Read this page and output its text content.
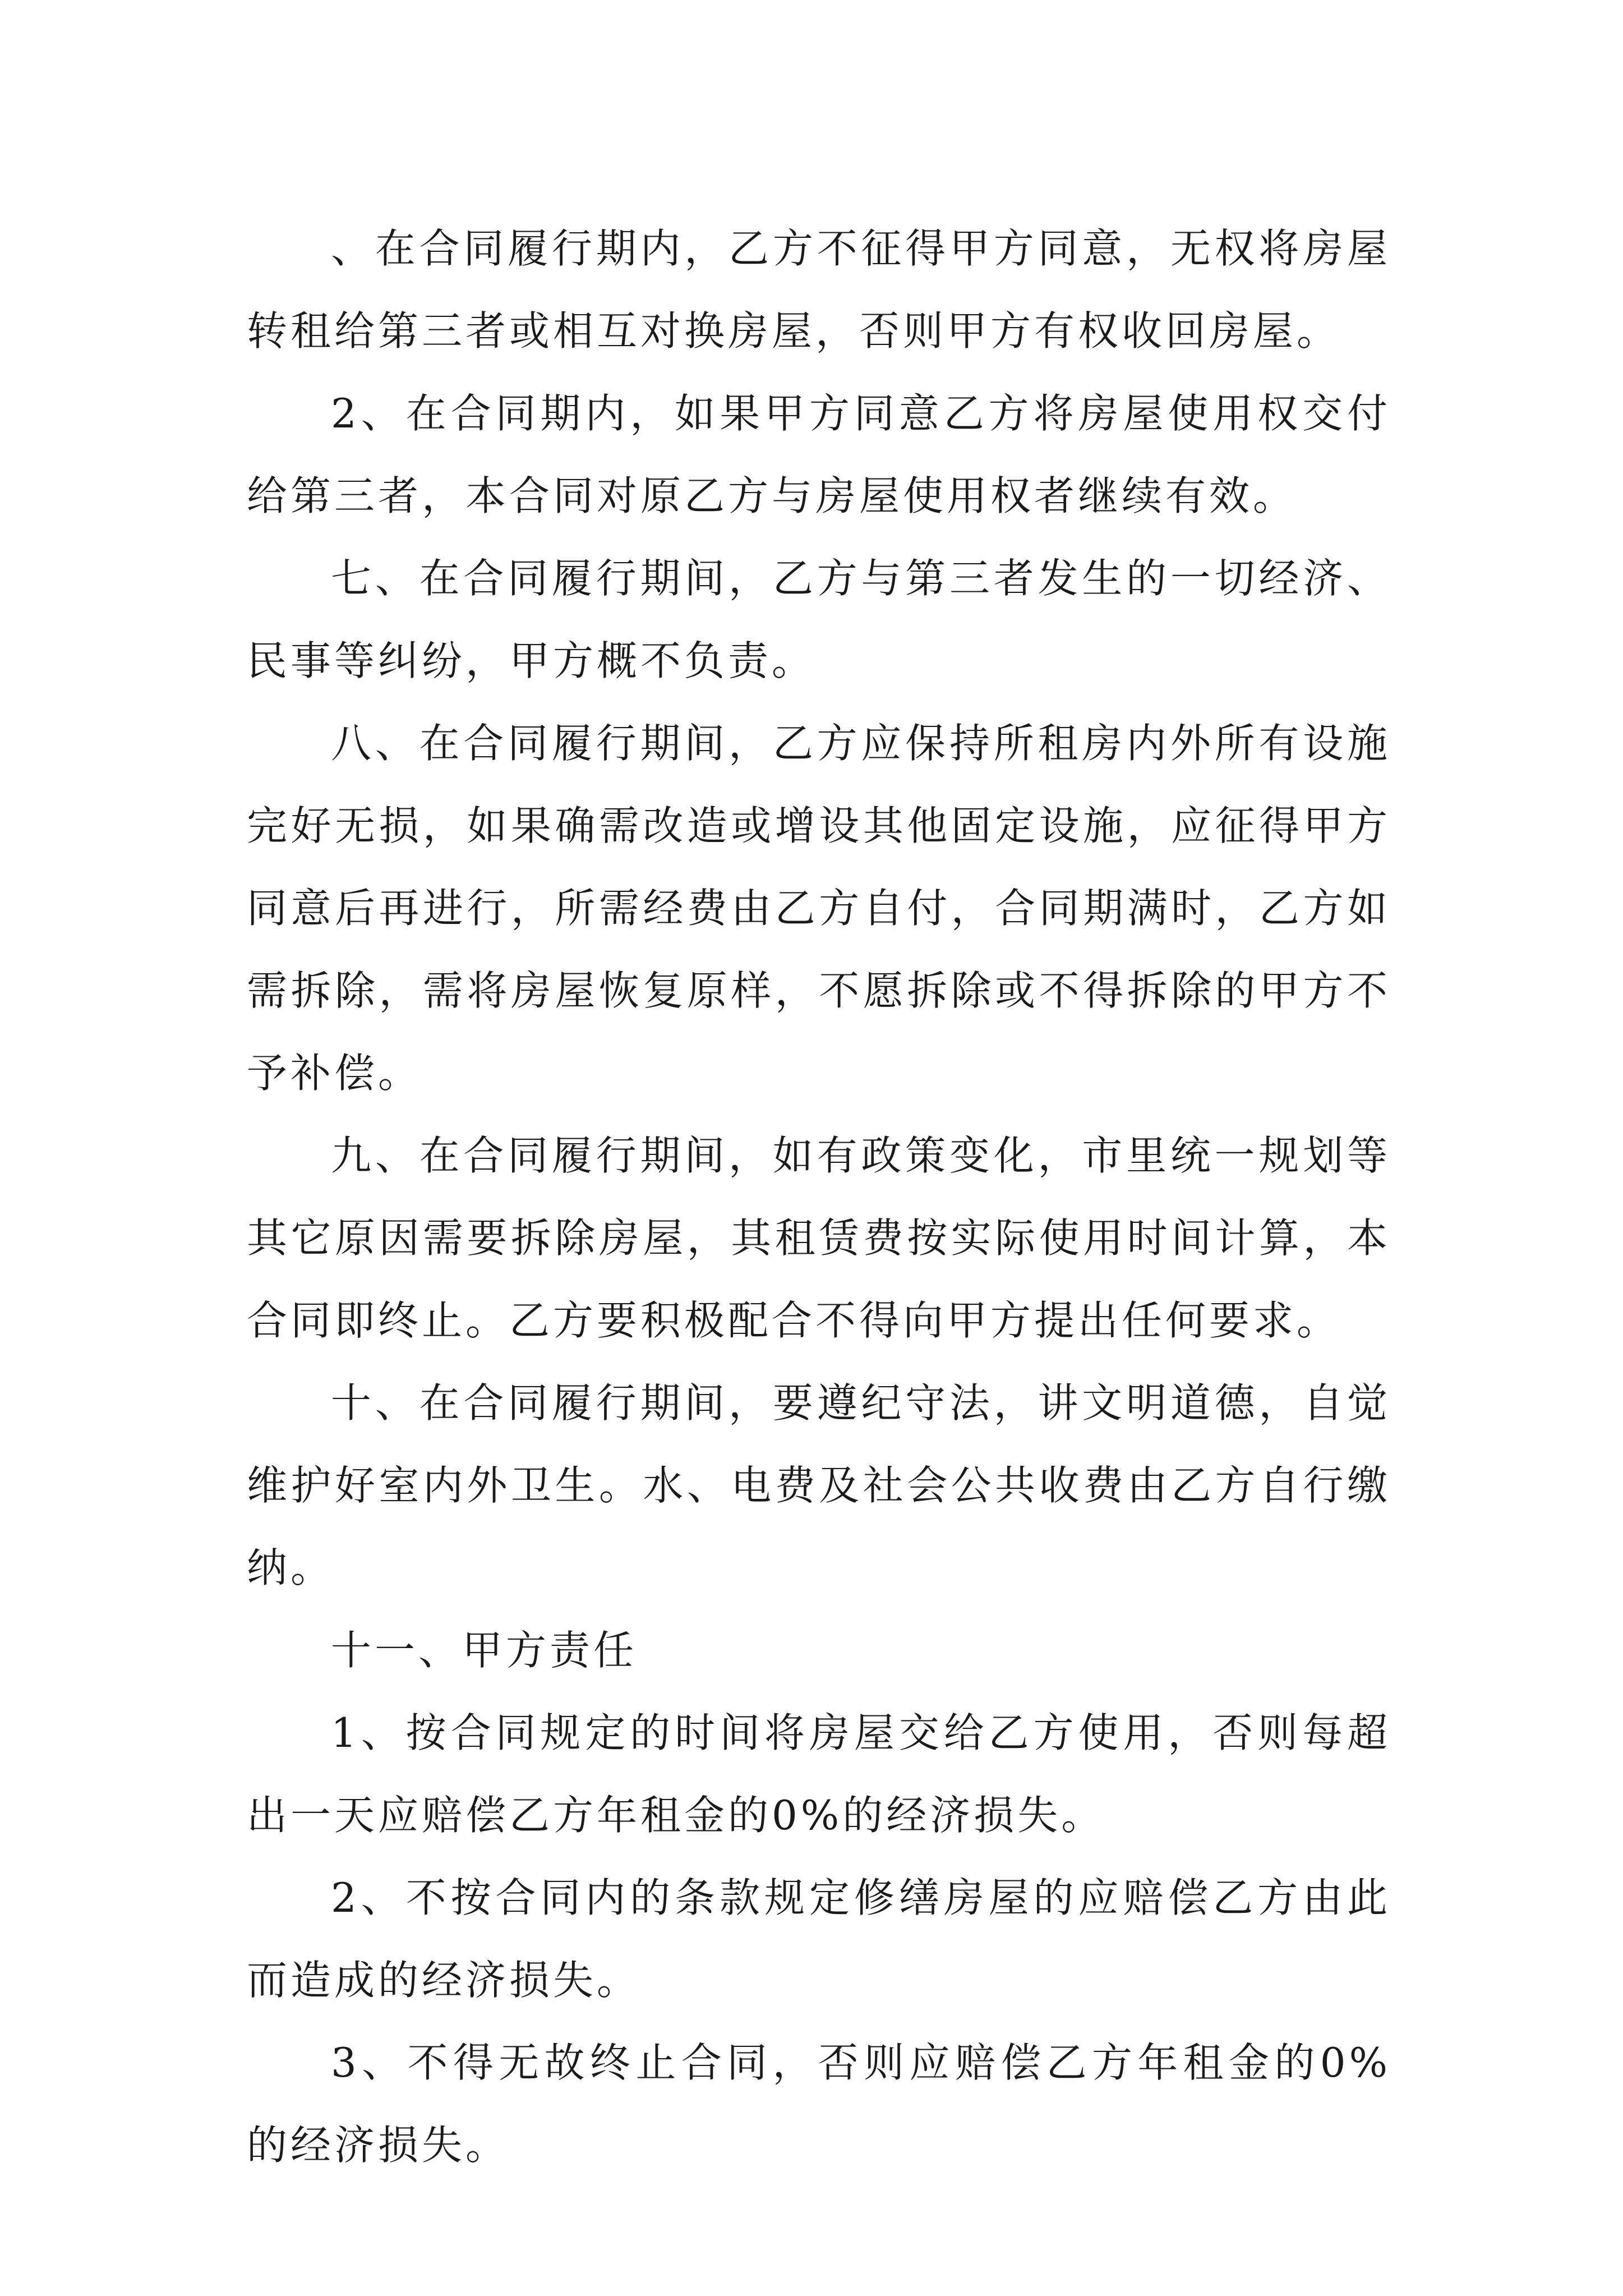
、在合同履行期内，乙方不征得甲方同意，无权将房屋转租给第三者或相互对换房屋，否则甲方有权收回房屋。

2、在合同期内，如果甲方同意乙方将房屋使用权交付给第三者，本合同对原乙方与房屋使用权者继续有效。

七、在合同履行期间，乙方与第三者发生的一切经济、民事等纠纷，甲方概不负责。

八、在合同履行期间，乙方应保持所租房内外所有设施完好无损，如果确需改造或增设其他固定设施，应征得甲方同意后再进行，所需经费由乙方自付，合同期满时，乙方如需拆除，需将房屋恢复原样，不愿拆除或不得拆除的甲方不予补偿。

九、在合同履行期间，如有政策变化，市里统一规划等其它原因需要拆除房屋，其租赁费按实际使用时间计算，本合同即终止。乙方要积极配合不得向甲方提出任何要求。

十、在合同履行期间，要遵纪守法，讲文明道德，自觉维护好室内外卫生。水、电费及社会公共收费由乙方自行缴纳。

十一、甲方责任

1、按合同规定的时间将房屋交给乙方使用，否则每超出一天应赔偿乙方年租金的0%的经济损失。

2、不按合同内的条款规定修缮房屋的应赔偿乙方由此而造成的经济损失。

3、不得无故终止合同，否则应赔偿乙方年租金的0%的经济损失。
